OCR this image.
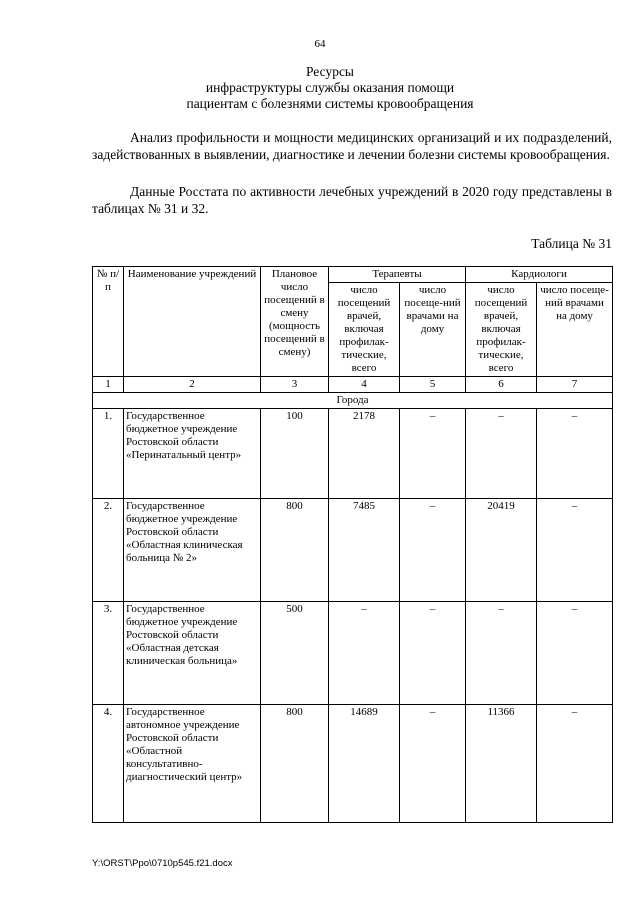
64
Ресурсы
инфраструктуры службы оказания помощи
пациентам с болезнями системы кровообращения
Анализ профильности и мощности медицинских организаций и их подразделений, задействованных в выявлении, диагностике и лечении болезни системы кровообращения.
Данные Росстата по активности лечебных учреждений в 2020 году представлены в таблицах № 31 и 32.
Таблица № 31
№ п/п	Наименование учреждений	Плановое число посещений в смену (мощность посещений в смену)	Терапевты		Кардиологи	
			число посещений врачей, включая профилак-тические, всего	число посеще-ний врачами на дому	число посещений врачей, включая профилак-тические, всего	число посеще-ний врачами на дому
1	2	3	4	5	6	7
Города						
1.	Государственное бюджетное учреждение Ростовской области «Перинатальный центр»	100	2178	–	–	–
2.	Государственное бюджетное учреждение Ростовской области «Областная клиническая больница № 2»	800	7485	–	20419	–
3.	Государственное бюджетное учреждение Ростовской области «Областная детская клиническая больница»	500	–	–	–	–
4.	Государственное автономное учреждение Ростовской области «Областной консультативно-диагностический центр»	800	14689	–	11366	–
Y:\ORST\Ppo\0710p545.f21.docx
